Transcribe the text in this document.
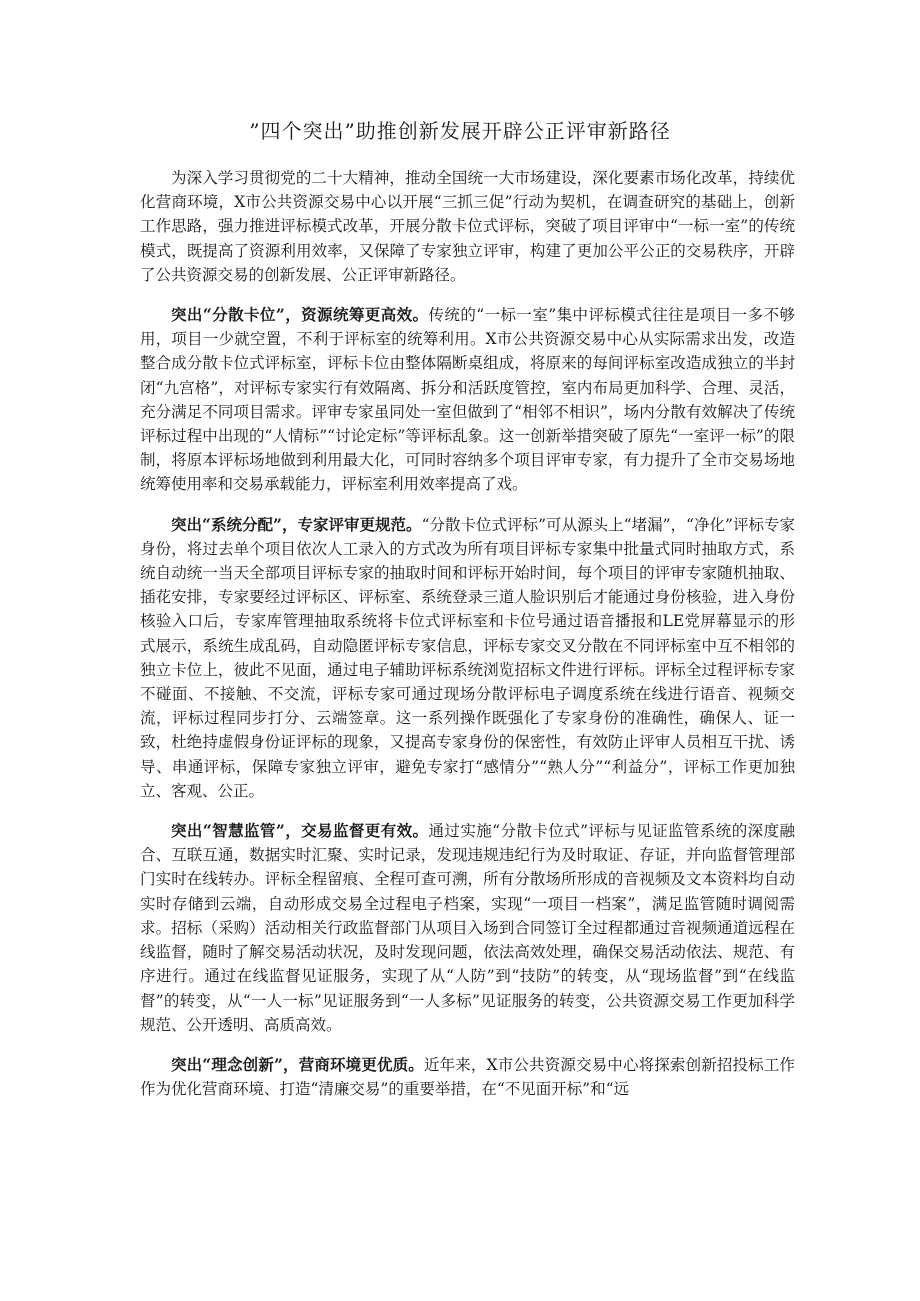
”四个突出”助推创新发展开辟公正评审新路径

为深入学习贯彻党的二十大精神，推动全国统一大市场建设，深化要素市场化改革，持续优化营商环境，X市公共资源交易中心以开展“三抓三促”行动为契机，在调查研究的基础上，创新工作思路，强力推进评标模式改革，开展分散卡位式评标，突破了项目评审中“一标一室”的传统模式，既提高了资源利用效率，又保障了专家独立评审，构建了更加公平公正的交易秩序，开辟了公共资源交易的创新发展、公正评审新路径。

突出“分散卡位”，资源统筹更高效。传统的“一标一室”集中评标模式往往是项目一多不够用，项目一少就空置，不利于评标室的统筹利用。X市公共资源交易中心从实际需求出发，改造整合成分散卡位式评标室，评标卡位由整体隔断桌组成，将原来的每间评标室改造成独立的半封闭“九宫格”，对评标专家实行有效隔离、拆分和活跃度管控，室内布局更加科学、合理、灵活，充分满足不同项目需求。评审专家虽同处一室但做到了“相邻不相识”，场内分散有效解决了传统评标过程中出现的“人情标”“讨论定标”等评标乱象。这一创新举措突破了原先“一室评一标”的限制，将原本评标场地做到利用最大化，可同时容纳多个项目评审专家，有力提升了全市交易场地统筹使用率和交易承载能力，评标室利用效率提高了戏。

突出“系统分配”，专家评审更规范。“分散卡位式评标”可从源头上“堵漏”，“净化”评标专家身份，将过去单个项目依次人工录入的方式改为所有项目评标专家集中批量式同时抽取方式，系统自动统一当天全部项目评标专家的抽取时间和评标开始时间，每个项目的评审专家随机抽取、插花安排，专家要经过评标区、评标室、系统登录三道人脸识别后才能通过身份核验，进入身份核验入口后，专家库管理抽取系统将卡位式评标室和卡位号通过语音播报和LE党屏幕显示的形式展示，系统生成乱码，自动隐匿评标专家信息，评标专家交叉分散在不同评标室中互不相邻的独立卡位上，彼此不见面，通过电子辅助评标系统浏览招标文件进行评标。评标全过程评标专家不碰面、不接触、不交流，评标专家可通过现场分散评标电子调度系统在线进行语音、视频交流，评标过程同步打分、云端签章。这一系列操作既强化了专家身份的准确性，确保人、证一致，杜绝持虚假身份证评标的现象，又提高专家身份的保密性，有效防止评审人员相互干扰、诱导、串通评标，保障专家独立评审，避免专家打“感情分”“熟人分”“利益分”，评标工作更加独立、客观、公正。

突出“智慧监管”，交易监督更有效。通过实施“分散卡位式”评标与见证监管系统的深度融合、互联互通，数据实时汇聚、实时记录，发现违规违纪行为及时取证、存证，并向监督管理部门实时在线转办。评标全程留痕、全程可查可溯，所有分散场所形成的音视频及文本资料均自动实时存储到云端，自动形成交易全过程电子档案，实现“一项目一档案”，满足监管随时调阅需求。招标（采购）活动相关行政监督部门从项目入场到合同签订全过程都通过音视频通道远程在线监督，随时了解交易活动状况，及时发现问题，依法高效处理，确保交易活动依法、规范、有序进行。通过在线监督见证服务，实现了从“人防”到“技防”的转变，从“现场监督”到“在线监督”的转变，从“一人一标”见证服务到“一人多标”见证服务的转变，公共资源交易工作更加科学规范、公开透明、高质高效。

突出“理念创新”，营商环境更优质。近年来，X市公共资源交易中心将探索创新招投标工作作为优化营商环境、打造“清廉交易”的重要举措，在“不见面开标”和“远
